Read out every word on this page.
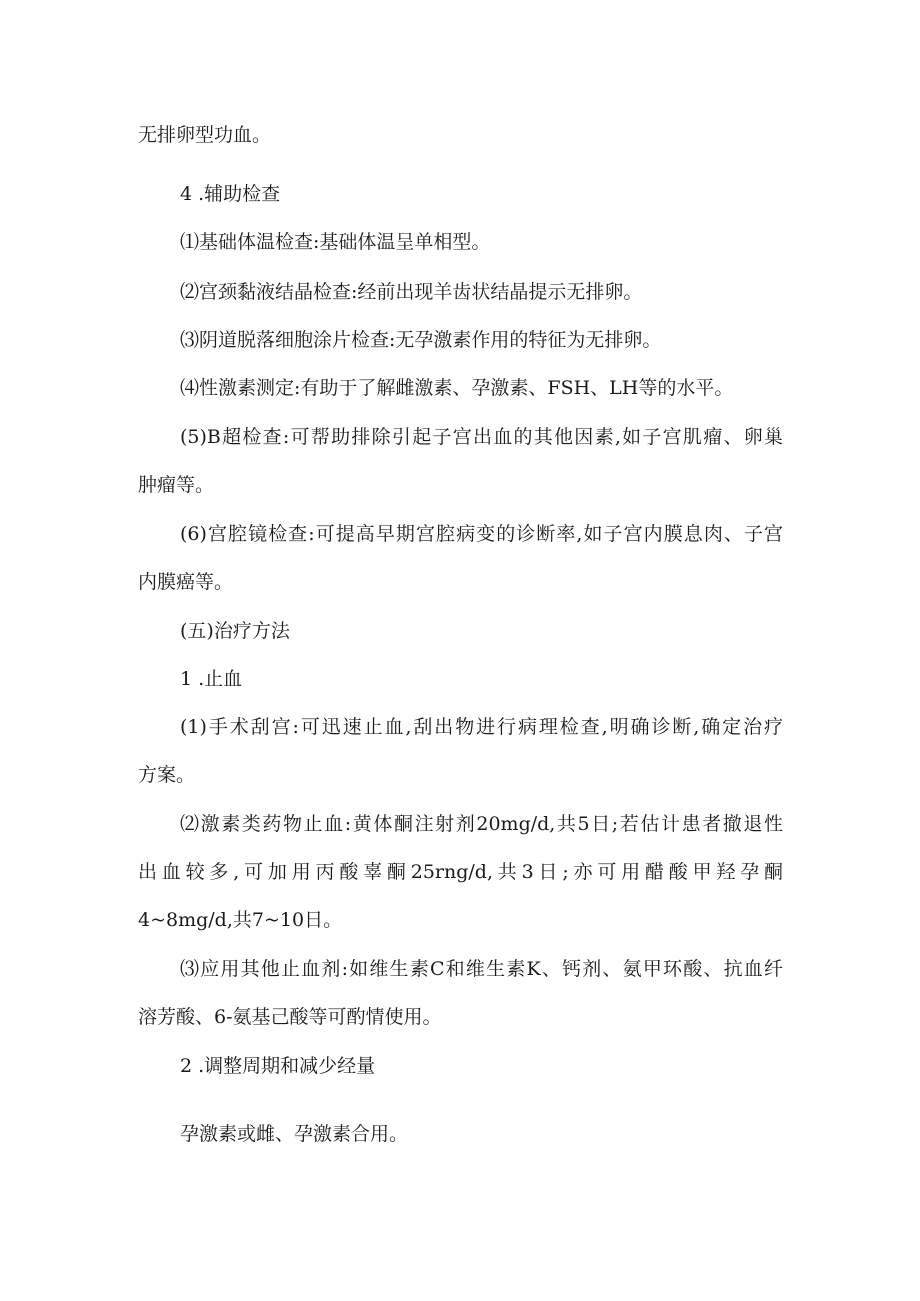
无排卵型功血。

4 .辅助检查

⑴基础体温检查:基础体温呈单相型。

⑵宫颈黏液结晶检查:经前出现羊齿状结晶提示无排卵。

⑶阴道脱落细胞涂片检查:无孕激素作用的特征为无排卵。

⑷性激素测定:有助于了解雌激素、孕激素、FSH、LH等的水平。

(5)B超检查:可帮助排除引起子宫出血的其他因素,如子宫肌瘤、卵巢

肿瘤等。

(6)宫腔镜检查:可提高早期宫腔病变的诊断率,如子宫内膜息肉、子宫

内膜癌等。

(五)治疗方法

1 .止血

(1)手术刮宫:可迅速止血,刮出物进行病理检查,明确诊断,确定治疗

方案。

⑵激素类药物止血:黄体酮注射剂20mg∕d,共5日;若估计患者撤退性

出血较多,可加用丙酸辜酮25rng∕d,共3日;亦可用醋酸甲羟孕酮

4~8mg∕d,共7~10日。

⑶应用其他止血剂:如维生素C和维生素K、钙剂、氨甲环酸、抗血纤

溶芳酸、6-氨基己酸等可酌情使用。

2 .调整周期和减少经量

孕激素或雌、孕激素合用。
